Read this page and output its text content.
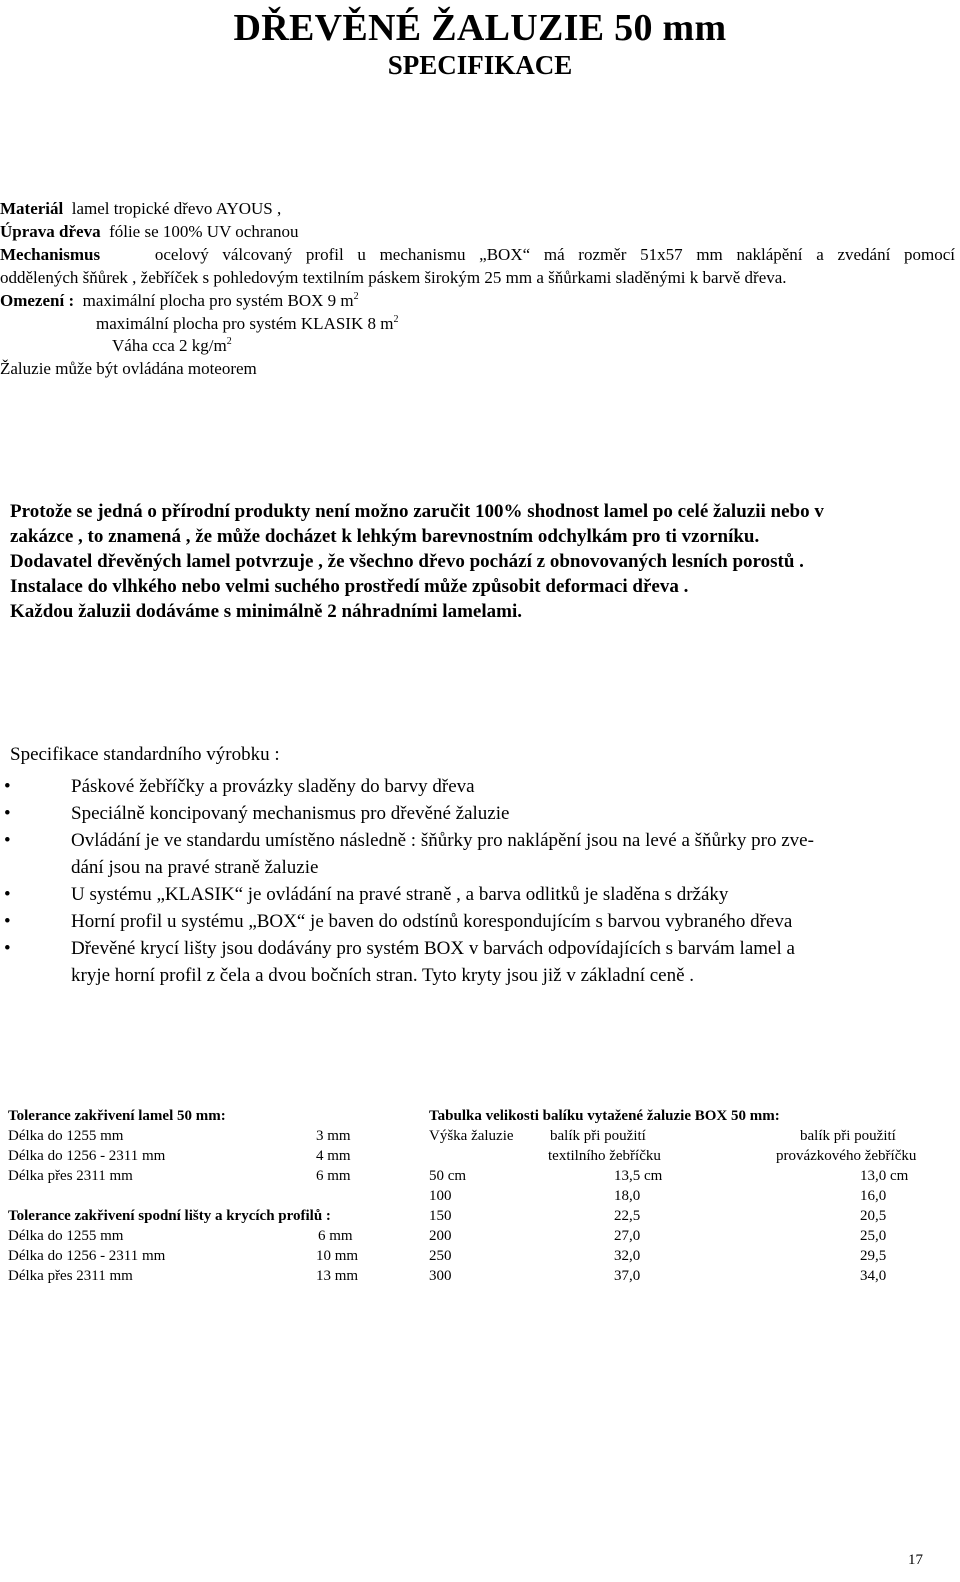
DŘEVĚNÉ ŽALUZIE 50 mm
SPECIFIKACE
Materiál lamel tropické dřevo AYOUS ,
Úprava dřeva fólie se 100% UV ochranou
Mechanismus	ocelový válcovaný profil u mechanismu „BOX“ má rozměr 51x57 mm naklápění a zvedání pomocí
oddělených šňůrek , žebříček s pohledovým textilním páskem širokým 25 mm a šňůrkami sladěnými k barvě dřeva.
Omezení : maximální plocha pro systém BOX 9 $m^2$
maximální plocha pro systém KLASIK 8 $m^2$
Váha cca 2 $kg/m^2$
Žaluzie může být ovládána moteorem
Protože se jedná o přírodní produkty není možno zaručit 100% shodnost lamel po celé žaluzii nebo v
zakázce , to znamená , že může docházet k lehkým barevnostním odchylkám pro ti vzorníku.
Dodavatel dřevěných lamel potvrzuje , že všechno dřevo pochází z obnovovaných lesních porostů .
Instalace do vlhkého nebo velmi suchého prostředí může způsobit deformaci dřeva .
Každou žaluzii dodáváme s minimálně 2 náhradními lamelami.
Specifikace standardního výrobku :
•	Páskové žebříčky a provázky sladěny do barvy dřeva
•	Speciálně koncipovaný mechanismus pro dřevěné žaluzie
•	Ovládání je ve standardu umístěno následně : šňůrky pro naklápění jsou na levé a šňůrky pro zve-
dání jsou na pravé straně žaluzie
•	U systému „KLASIK“ je ovládání na pravé straně , a barva odlitků je sladěna s držáky
•	Horní profil u systému „BOX“ je baven do odstínů korespondujícím s barvou vybraného dřeva
•	Dřevěné krycí lišty jsou dodávány pro systém BOX v barvách odpovídajících s barvám lamel a
kryje horní profil z čela a dvou bočních stran. Tyto kryty jsou již v základní ceně .
Tolerance zakřivení lamel 50 mm:
Délka do 1255 mm	3 mm
Délka do 1256 - 2311 mm	4 mm
Délka přes 2311 mm	6 mm
Tolerance zakřivení spodní lišty a krycích profilů :
Délka do 1255 mm	6 mm
Délka do 1256 - 2311 mm	10 mm
Délka přes 2311 mm	13 mm
Tabulka velikosti balíku vytažené žaluzie BOX 50 mm:
Výška žaluzie balík při použití	balík při použití
textilního žebříčku	provázkového žebříčku
50 cm	13,5 cm	13,0 cm
100	18,0	16,0
150	22,5	20,5
200	27,0	25,0
250	32,0	29,5
300	37,0	34,0
17
